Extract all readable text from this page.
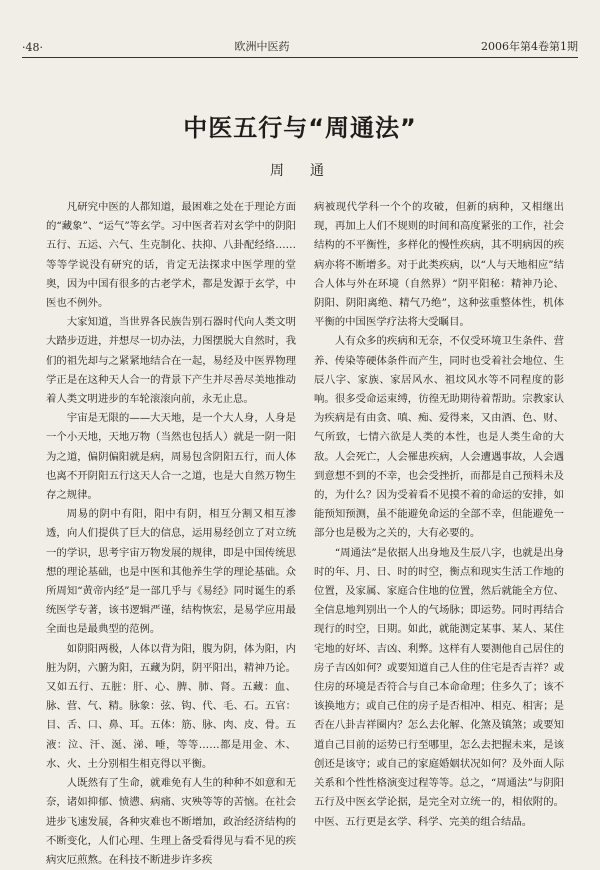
·48·	欧洲中医药	2006年第4卷第1期
中医五行与“周通法”
周　通

凡研究中医的人都知道，最困难之处在于理论方面的“藏象”、“运气”等玄学。习中医者若对玄学中的阴阳五行、五运、六气、生克制化、扶抑、八卦配经络……等等学说没有研究的话，肯定无法探求中医学理的堂奥，因为中国有很多的古老学术，都是发源于玄学，中医也不例外。

大家知道，当世界各民族告别石器时代向人类文明大踏步迈进，并想尽一切办法，力图摆脱大自然时，我们的祖先却与之紧紧地结合在一起，易经及中医界物理学正是在这种天人合一的背景下产生并尽善尽美地推动着人类文明进步的车轮滚滚向前，永无止息。

宇宙是无限的——大天地，是一个大人身，人身是一个小天地，天地万物（当然也包括人）就是一阴一阳为之道，偏阴偏阳就是病，周易包含阴阳五行，而人体也离不开阴阳五行这天人合一之道，也是大自然万物生存之规律。

周易的阴中有阳，阳中有阴，相互分割又相互渗透，向人们提供了巨大的信息，运用易经创立了对立统一的学识，思考宇宙万物发展的规律，即是中国传统思想的理论基础，也是中医和其他养生学的理论基础。众所周知“黄帝内经”是一部几乎与《易经》同时诞生的系统医学专著，该书逻辑严谨，结构恢宏，是易学应用最全面也是最典型的范例。

如阴阳两极，人体以背为阳，腹为阴，体为阳，内脏为阴，六腑为阳，五藏为阴，阴平阳出，精神乃论。又如五行、五脏：肝、心、脾、肺、肾。五藏：血、脉、营、气、精。脉象：弦、钩、代、毛、石。五官：目、舌、口、鼻、耳。五体：筋、脉、肉、皮、骨。五液：泣、汗、涎、涕、唾，等等……都是用金、木、水、火、土分别相生相克得以平衡。

人既然有了生命，就难免有人生的种种不如意和无奈，诸如抑郁、愤懑、病痛、灾殃等等的苦恼。在社会进步飞速发展，各种灾难也不断增加，政治经济结构的不断变化，人们心理、生理上备受看得见与看不见的疾病灾厄煎熬。在科技不断进步许多疾

病被现代学科一个个的攻破，但新的病种，又相继出现，再加上人们不规则的时间和高度紧张的工作，社会结构的不平衡性，多样化的慢性疾病，其不明病因的疾病亦将不断增多。对于此类疾病，以“人与天地相应”结合人体与外在环境（自然界）“阴平阳秘：精神乃论、阴阳、阴阳离绝、精气乃绝”，这种弦重整体性，机体平衡的中国医学疗法将大受瞩目。

人有众多的疾病和无奈，不仅受环境卫生条件、营养、传染等硬体条件而产生，同时也受着社会地位、生辰八字、家族、家居风水、祖坟风水等不同程度的影响。很多受命运束缚，彷徨无助期待着帮助。宗教家认为疾病是有由贪、嗔、痴、爱得来，又由酒、色、财、气所致，七情六欲是人类的本性，也是人类生命的大敌。人会死亡，人会罹患疾病，人会遭遇事故，人会遇到意想不到的不幸，也会受挫折，而都是自己预料未及的，为什么？因为受着看不见摸不着的命运的安排，如能预知预测，虽不能避免命运的全部不幸，但能避免一部分也是极为之关的，大有必要的。

“周通法”是依据人出身地及生辰八字，也就是出身时的年、月、日、时的时空，衡点和现实生活工作地的位置，及家属、家庭合住地的位置，然后就能全方位、全信息地判别出一个人的气场脉；即运势。同时再结合现行的时空，日期。如此，就能测定某事、某人、某住宅地的好坏、吉凶、利弊。这样有人要测他自己居住的房子吉凶如何？或要知道自己人住的住宅是否吉祥？或住房的环境是否符合与自己本命命理；住多久了；该不该换地方；或自己住的房子是否相冲、相克、相害；是否在八卦吉祥圈内？怎么去化解、化煞及镇煞；或要知道自己目前的运势已行至哪里，怎么去把握未来，是该创还是该守；或自己的家庭婚姻状况如何？及外面人际关系和个性性格演变过程等等。总之，“周通法”与阴阳五行及中医玄学论据，是完全对立统一的，相依附的。中医、五行更是玄学、科学、完美的组合结晶。
